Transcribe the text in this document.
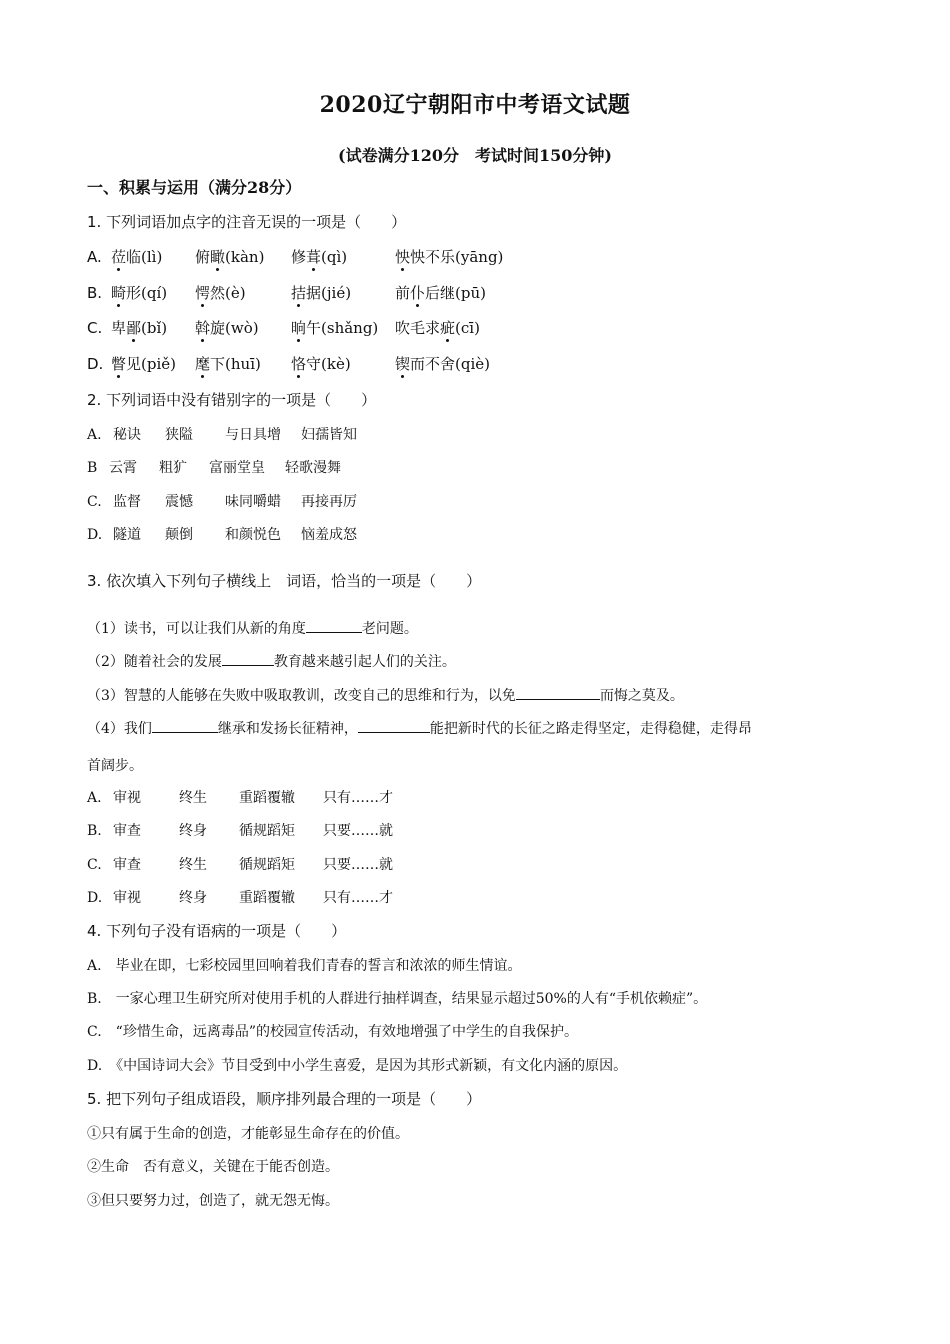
2020辽宁朝阳市中考语文试题
(试卷满分120分　考试时间150分钟)
一、积累与运用（满分28分）
1. 下列词语加点字的注音无误的一项是（　　）
A. 莅临(lì)	俯瞰(kàn)	修葺(qì)	怏怏不乐(yāng)
B. 畸形(qí)	愕然(è)	拮据(jié)	前仆后继(pū)
C. 卑鄙(bǐ)	斡旋(wò)	晌午(shǎng)	吹毛求疵(cī)
D. 瞥见(piě)	麾下(huī)	恪守(kè)	锲而不舍(qiè)
2. 下列词语中没有错别字的一项是（　　）
A. 秘诀	狭隘	与日具增	妇孺皆知
B 云霄	粗犷	富丽堂皇	轻歌漫舞
C. 监督	震憾	味同嚼蜡	再接再厉
D. 隧道	颠倒	和颜悦色	恼羞成怒
3. 依次填入下列句子横线上　词语，恰当的一项是（　　）
（1）读书，可以让我们从新的角度	老问题。
（2）随着社会的发展	教育越来越引起人们的关注。
（3）智慧的人能够在失败中吸取教训，改变自己的思维和行为，以免	而悔之莫及。
（4）我们	继承和发扬长征精神，	能把新时代的长征之路走得坚定，走得稳健，走得昂
首阔步。
A. 审视	终生	重蹈覆辙	只有……才
B. 审查	终身	循规蹈矩	只要……就
C. 审查	终生	循规蹈矩	只要……就
D. 审视	终身	重蹈覆辙	只有……才
4. 下列句子没有语病的一项是（　　）
A.　毕业在即，七彩校园里回响着我们青春的誓言和浓浓的师生情谊。
B.　一家心理卫生研究所对使用手机的人群进行抽样调查，结果显示超过50%的人有“手机依赖症”。
C.　“珍惜生命，远离毒品”的校园宣传活动，有效地增强了中学生的自我保护。
D.　《中国诗词大会》节目受到中小学生喜爱，是因为其形式新颖，有文化内涵的原因。
5. 把下列句子组成语段，顺序排列最合理的一项是（　　）
①只有属于生命的创造，才能彰显生命存在的价值。
②生命　否有意义，关键在于能否创造。
③但只要努力过，创造了，就无怨无悔。
